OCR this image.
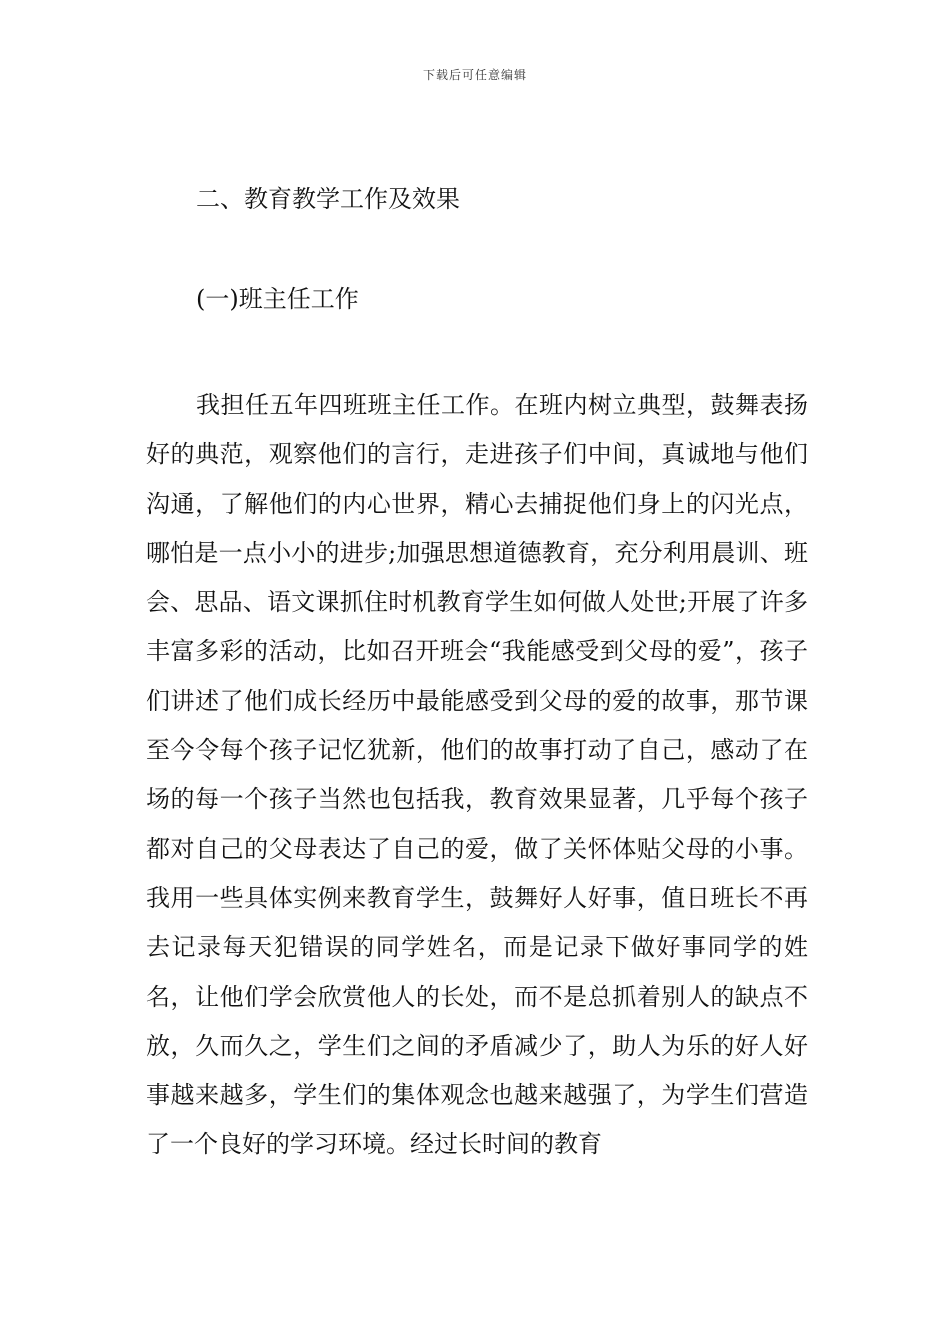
下载后可任意编辑
二、教育教学工作及效果
(一)班主任工作

我担任五年四班班主任工作。在班内树立典型，鼓舞表扬好的典范，观察他们的言行，走进孩子们中间，真诚地与他们沟通，了解他们的内心世界，精心去捕捉他们身上的闪光点，哪怕是一点小小的进步;加强思想道德教育，充分利用晨训、班会、思品、语文课抓住时机教育学生如何做人处世;开展了许多丰富多彩的活动，比如召开班会“我能感受到父母的爱”，孩子们讲述了他们成长经历中最能感受到父母的爱的故事，那节课至今令每个孩子记忆犹新，他们的故事打动了自己，感动了在场的每一个孩子当然也包括我，教育效果显著，几乎每个孩子都对自己的父母表达了自己的爱，做了关怀体贴父母的小事。我用一些具体实例来教育学生，鼓舞好人好事，值日班长不再去记录每天犯错误的同学姓名，而是记录下做好事同学的姓名，让他们学会欣赏他人的长处，而不是总抓着别人的缺点不放，久而久之，学生们之间的矛盾减少了，助人为乐的好人好事越来越多，学生们的集体观念也越来越强了，为学生们营造了一个良好的学习环境。经过长时间的教育
